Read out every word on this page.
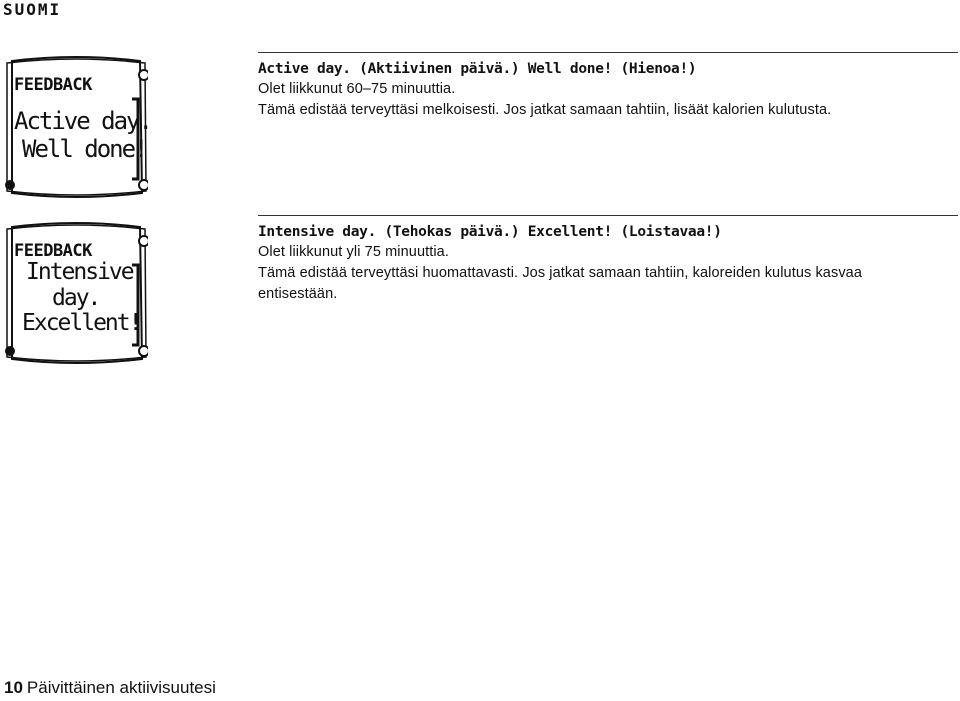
SUOMI
FEEDBACK
Active day.
Well done!
FEEDBACK
Intensive
day.
Excellent!
Active day. (Aktiivinen päivä.) Well done! (Hienoa!)
Olet liikkunut 60–75 minuuttia.
Tämä edistää terveyttäsi melkoisesti. Jos jatkat samaan tahtiin, lisäät kalorien kulutusta.
Intensive day. (Tehokas päivä.) Excellent! (Loistavaa!)
Olet liikkunut yli 75 minuuttia.
Tämä edistää terveyttäsi huomattavasti. Jos jatkat samaan tahtiin, kaloreiden kulutus kasvaa
entisestään.
10 Päivittäinen aktiivisuutesi
